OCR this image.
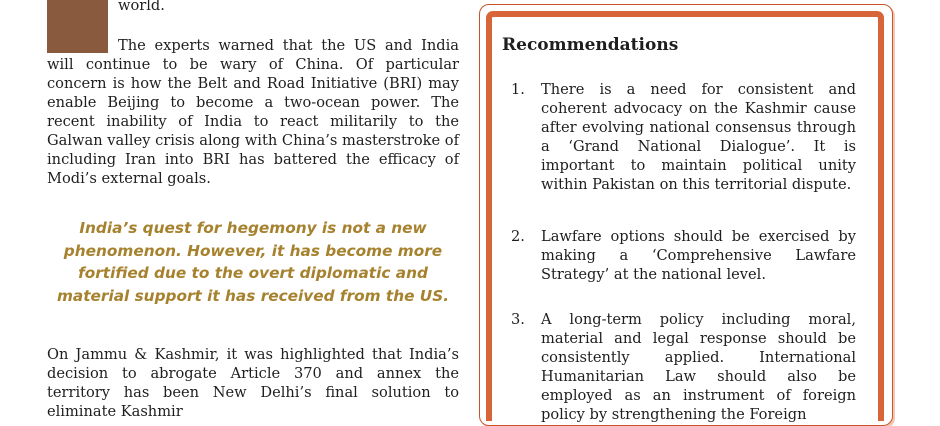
world.

The experts warned that the US and India will continue to be wary of China. Of particular concern is how the Belt and Road Initiative (BRI) may enable Beijing to become a two-ocean power. The recent inability of India to react militarily to the Galwan valley crisis along with China’s masterstroke of including Iran into BRI has battered the efficacy of Modi’s external goals.

India’s quest for hegemony is not a new phenomenon. However, it has become more fortified due to the overt diplomatic and material support it has received from the US.

On Jammu & Kashmir, it was highlighted that India’s decision to abrogate Article 370 and annex the territory has been New Delhi’s final solution to eliminate Kashmir

Recommendations
1. There is a need for consistent and coherent advocacy on the Kashmir cause after evolving national consensus through a ‘Grand National Dialogue’. It is important to maintain political unity within Pakistan on this territorial dispute.
2. Lawfare options should be exercised by making a ‘Comprehensive Lawfare Strategy’ at the national level.
3. A long-term policy including moral, material and legal response should be consistently applied. International Humanitarian Law should also be employed as an instrument of foreign policy by strengthening the Foreign
